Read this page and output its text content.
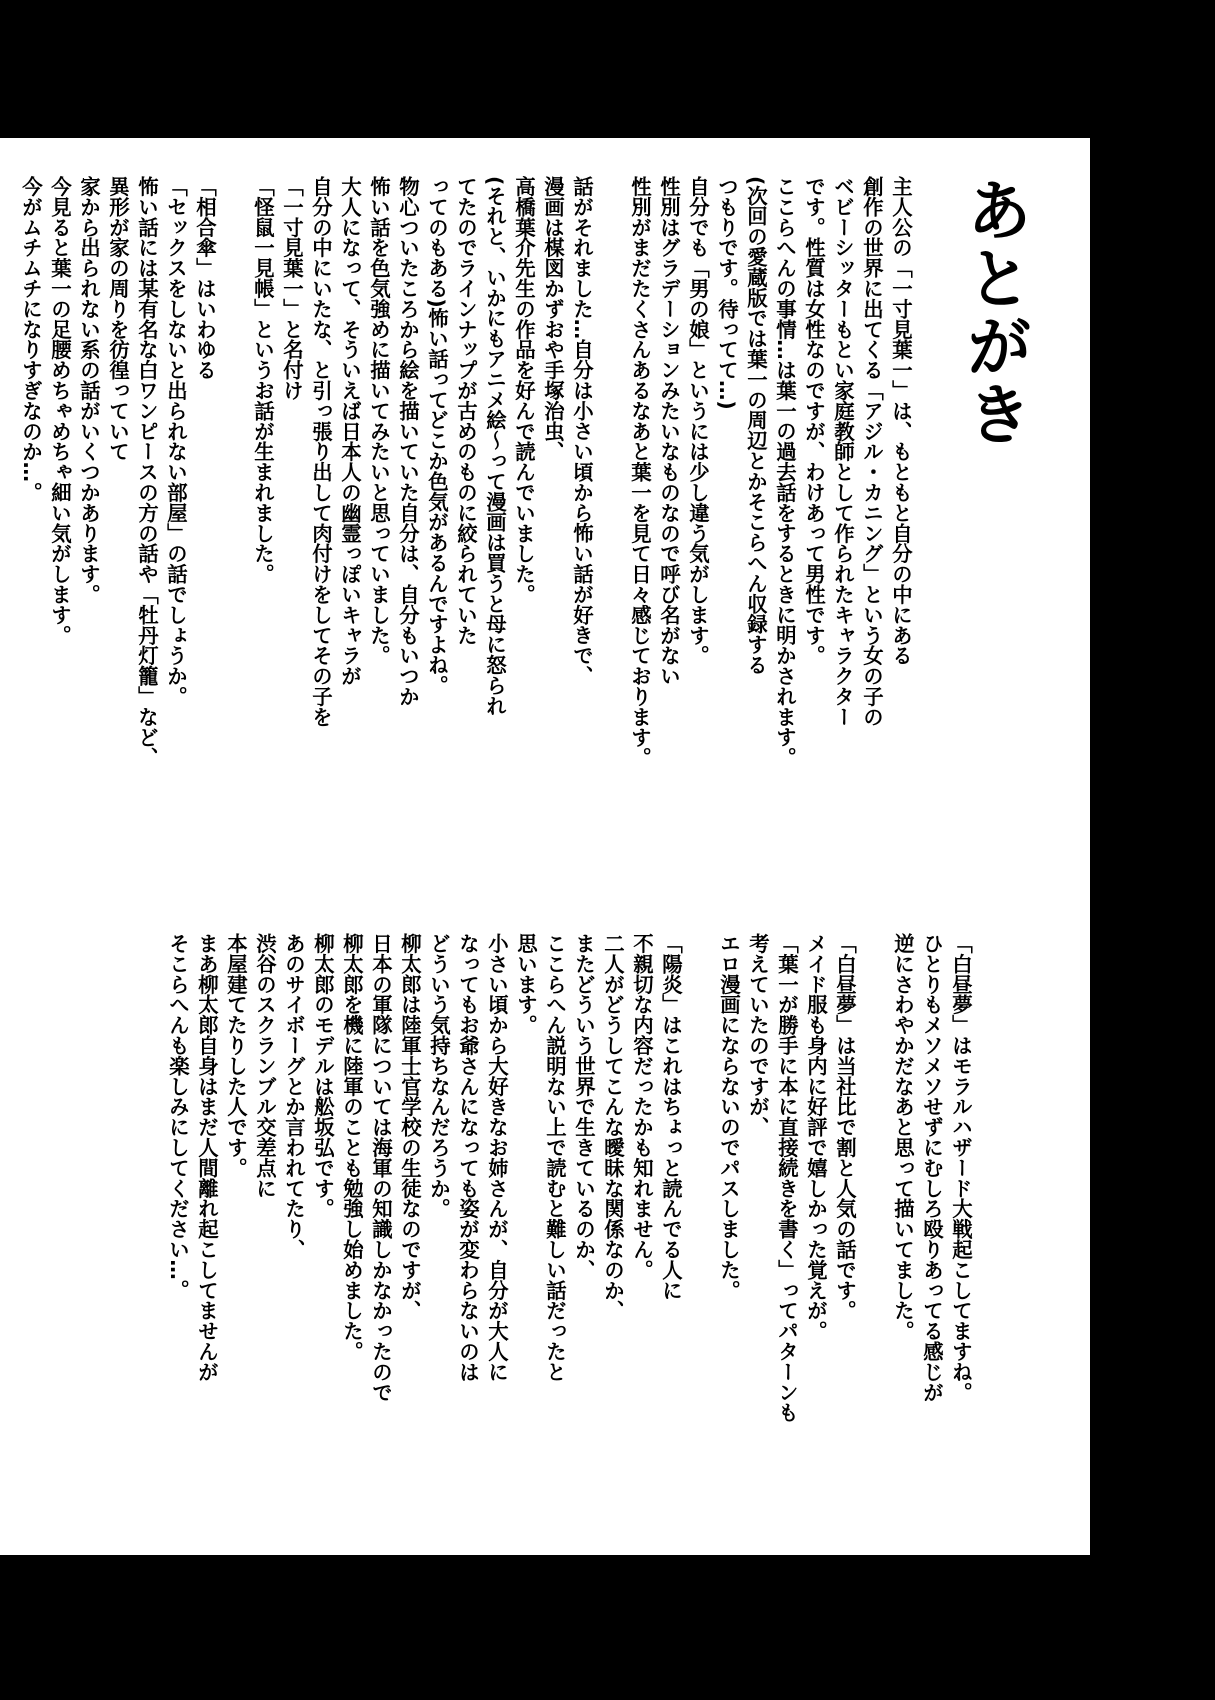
あとがき

主人公の「一寸見葉一」は、もともと自分の中にある

創作の世界に出てくる「アジル・カニング」という女の子の

ベビーシッターもとい家庭教師として作られたキャラクター

です。性質は女性なのですが、わけあって男性です。

ここらへんの事情…は葉一の過去話をするときに明かされます。

(次回の愛蔵版では葉一の周辺とかそこらへん収録する

つもりです。待ってて…)

自分でも「男の娘」というには少し違う気がします。

性別はグラデーションみたいなものなので呼び名がない

性別がまだたくさんあるなあと葉一を見て日々感じております。

話がそれました…自分は小さい頃から怖い話が好きで、

漫画は楳図かずおや手塚治虫、

高橋葉介先生の作品を好んで読んでいました。

(それと、いかにもアニメ絵〜って漫画は買うと母に怒られ

てたのでラインナップが古めのものに絞られていた

ってのもある)怖い話ってどこか色気があるんですよね。

物心ついたころから絵を描いていた自分は、自分もいつか

怖い話を色気強めに描いてみたいと思っていました。

大人になって、そういえば日本人の幽霊っぽいキャラが

自分の中にいたな、と引っ張り出して肉付けをしてその子を

「一寸見葉一」と名付け

「怪鼠一見帳」というお話が生まれました。

「相合傘」はいわゆる

「セックスをしないと出られない部屋」の話でしょうか。

怖い話には某有名な白ワンピースの方の話や「牡丹灯籠」など、

異形が家の周りを彷徨っていて

家から出られない系の話がいくつかあります。

今見ると葉一の足腰めちゃめちゃ細い気がします。

今がムチムチになりすぎなのか…。

「白昼夢」はモラルハザード大戦起こしてますね。

ひとりもメソメソせずにむしろ殴りあってる感じが

逆にさわやかだなあと思って描いてました。

「白昼夢」は当社比で割と人気の話です。

メイド服も身内に好評で嬉しかった覚えが。

「葉一が勝手に本に直接続きを書く」ってパターンも

考えていたのですが、

エロ漫画にならないのでパスしました。

「陽炎」はこれはちょっと読んでる人に

不親切な内容だったかも知れません。

二人がどうしてこんな曖昧な関係なのか、

またどういう世界で生きているのか、

ここらへん説明ない上で読むと難しい話だったと

思います。

小さい頃から大好きなお姉さんが、自分が大人に

なってもお爺さんになっても姿が変わらないのは

どういう気持ちなんだろうか。

柳太郎は陸軍士官学校の生徒なのですが、

日本の軍隊については海軍の知識しかなかったので

柳太郎を機に陸軍のことも勉強し始めました。

柳太郎のモデルは舩坂弘です。

あのサイボーグとか言われてたり、

渋谷のスクランブル交差点に

本屋建てたりした人です。

まあ柳太郎自身はまだ人間離れ起こしてませんが

そこらへんも楽しみにしてください…。
